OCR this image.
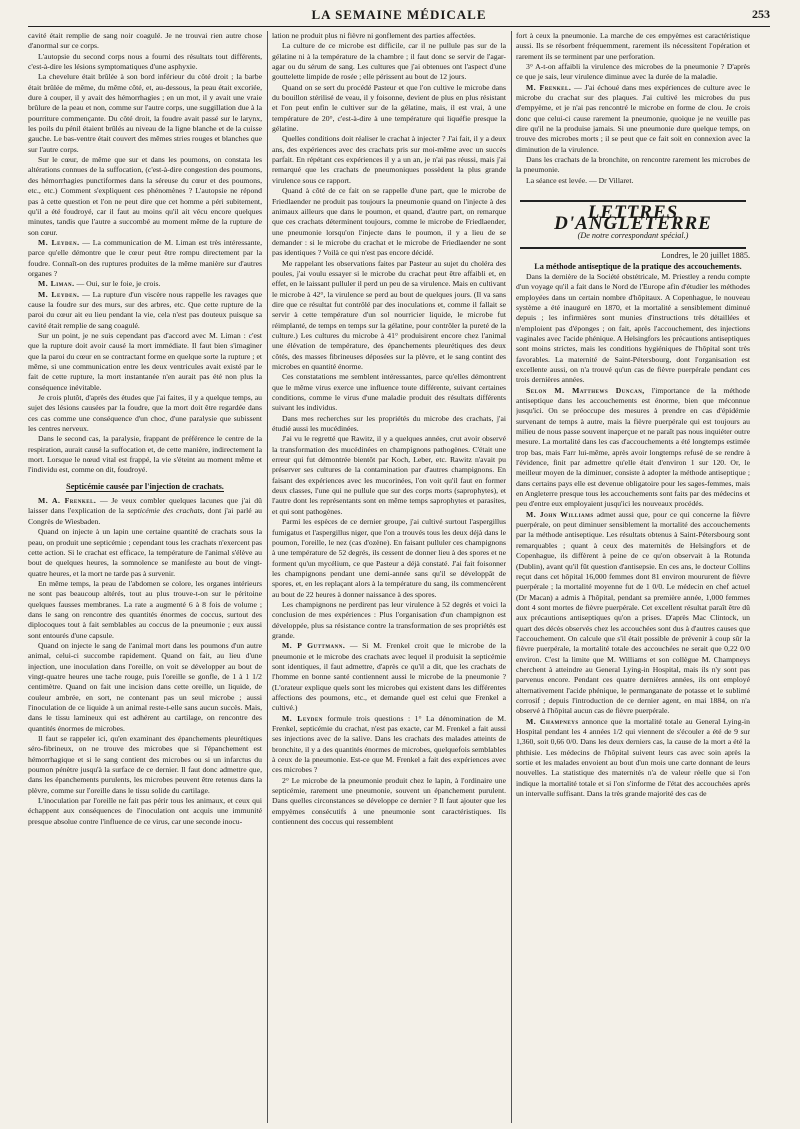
LA SEMAINE MÉDICALE	253

cavité était remplie de sang noir coagulé. Je ne trouvai rien autre chose d'anormal sur ce corps.

L'autopsie du second corps nous a fourni des résultats tout différents, c'est-à-dire les lésions symptomatiques d'une asphyxie.

La chevelure était brûlée à son bord inférieur du côté droit ; la barbe était brûlée de même, du même côté, et, au-dessous, la peau était excoriée, dure à couper, il y avait des hémorrhagies ; en un mot, il y avait une vraie brûlure de la peau et non, comme sur l'autre corps, une suggillation due à la pourriture commençante. Du côté droit, la foudre avait passé sur le larynx, les poils du pénil étaient brûlés au niveau de la ligne blanche et de la cuisse gauche. Le bas-ventre était couvert des mêmes stries rouges et blanches que sur l'autre corps.

Sur le cœur, de même que sur et dans les poumons, on constata les altérations connues de la suffocation, (c'est-à-dire congestion des poumons, des hémorrhagies punctiformes dans la séreuse du cœur et des poumons, etc., etc.) Comment s'expliquent ces phénomènes ? L'autopsie ne répond pas à cette question et l'on ne peut dire que cet homme a péri subitement, qu'il a été foudroyé, car il faut au moins qu'il ait vécu encore quelques minutes, tandis que l'autre a succombé au moment même de la rupture de son cœur.

M. Leyden. — La communication de M. Liman est très intéressante, parce qu'elle démontre que le cœur peut être rompu directement par la foudre. Connaît-on des ruptures produites de la même manière sur d'autres organes ?

M. Liman. — Oui, sur le foie, je crois.

M. Leyden. — La rupture d'un viscère nous rappelle les ravages que cause la foudre sur des murs, sur des arbres, etc. Que cette rupture de la paroi du cœur ait eu lieu pendant la vie, cela n'est pas douteux puisque sa cavité était remplie de sang coagulé.

Sur un point, je ne suis cependant pas d'accord avec M. Liman : c'est que la rupture doit avoir causé la mort immédiate. Il faut bien s'imaginer que la paroi du cœur en se contractant forme en quelque sorte la rupture ; et même, si une communication entre les deux ventricules avait existé par le fait de cette rupture, la mort instantanée n'en aurait pas été non plus la conséquence inévitable.

Je crois plutôt, d'après des études que j'ai faites, il y a quelque temps, au sujet des lésions causées par la foudre, que la mort doit être regardée dans ces cas comme une conséquence d'un choc, d'une paralysie que subissent les centres nerveux.

Dans le second cas, la paralysie, frappant de préférence le centre de la respiration, aurait causé la suffocation et, de cette manière, indirectement la mort. Lorsque le nœud vital est frappé, la vie s'éteint au moment même et l'individu est, comme on dit, foudroyé.

Septicémie causée par l'injection de crachats.

M. A. Frenkel. — Je veux combler quelques lacunes que j'ai dû laisser dans l'explication de la septicémie des crachats, dont j'ai parlé au Congrès de Wiesbaden.

Quand on injecte à un lapin une certaine quantité de crachats sous la peau, on produit une septicémie ; cependant tous les crachats n'exercent pas cette action. Si le crachat est efficace, la température de l'animal s'élève au bout de quelques heures, la somnolence se manifeste au bout de vingt-quatre heures, et la mort ne tarde pas à survenir.

En même temps, la peau de l'abdomen se colore, les organes intérieurs ne sont pas beaucoup altérés, tout au plus trouve-t-on sur le péritoine quelques fausses membranes. La rate a augmenté 6 à 8 fois de volume ; dans le sang on rencontre des quantités énormes de coccus, surtout des diplocoques tout à fait semblables au coccus de la pneumonie ; eux aussi sont entourés d'une capsule.

Quand on injecte le sang de l'animal mort dans les poumons d'un autre animal, celui-ci succombe rapidement. Quand on fait, au lieu d'une injection, une inoculation dans l'oreille, on voit se développer au bout de vingt-quatre heures une tache rouge, puis l'oreille se gonfle, de 1 à 1 1/2 centimètre. Quand on fait une incision dans cette oreille, un liquide, de couleur ambrée, en sort, ne contenant pas un seul microbe ; aussi l'inoculation de ce liquide à un animal reste-t-elle sans aucun succès. Mais, dans le tissu lamineux qui est adhérent au cartilage, on rencontre des quantités énormes de microbes.

Il faut se rappeler ici, qu'en examinant des épanchements pleurétiques séro-fibrineux, on ne trouve des microbes que si l'épanchement est hémorrhagique et si le sang contient des microbes ou si un infarctus du poumon pénètre jusqu'à la surface de ce dernier. Il faut donc admettre que, dans les épanchements purulents, les microbes peuvent être retenus dans la plèvre, comme sur l'oreille dans le tissu solide du cartilage.

L'inoculation par l'oreille ne fait pas périr tous les animaux, et ceux qui échappent aux conséquences de l'inoculation ont acquis une immunité presque absolue contre l'influence de ce virus, car une seconde inocu-

lation ne produit plus ni fièvre ni gonflement des parties affectées.

La culture de ce microbe est difficile, car il ne pullule pas sur de la gélatine ni à la température de la chambre ; il faut donc se servir de l'agar-agar ou du sérum de sang. Les cultures que j'ai obtenues ont l'aspect d'une gouttelette limpide de rosée ; elle périssent au bout de 12 jours.

Quand on se sert du procédé Pasteur et que l'on cultive le microbe dans du bouillon stérilisé de veau, il y foisonne, devient de plus en plus résistant et l'on peut enfin le cultiver sur de la gélatine, mais, il est vrai, à une température de 20°, c'est-à-dire à une température qui liquéfie presque la gélatine.

Quelles conditions doit réaliser le crachat à injecter ? J'ai fait, il y a deux ans, des expériences avec des crachats pris sur moi-même avec un succès parfait. En répétant ces expériences il y a un an, je n'ai pas réussi, mais j'ai remarqué que les crachats de pneumoniques possèdent la plus grande virulence sous ce rapport.

Quand à côté de ce fait on se rappelle d'une part, que le microbe de Friedlaender ne produit pas toujours la pneumonie quand on l'injecte à des animaux ailleurs que dans le poumon, et quand, d'autre part, on remarque que ces crachats déterminent toujours, comme le microbe de Friedlaender, une pneumonie lorsqu'on l'injecte dans le poumon, il y a lieu de se demander : si le microbe du crachat et le microbe de Friedlaender ne sont pas identiques ? Voilà ce qui n'est pas encore décidé.

Me rappelant les observations faites par Pasteur au sujet du choléra des poules, j'ai voulu essayer si le microbe du crachat peut être affaibli et, en effet, en le laissant pulluler il perd un peu de sa virulence. Mais en cultivant le microbe à 42°, la virulence se perd au bout de quelques jours. (Il va sans dire que ce résultat fut contrôlé par des inoculations et, comme il fallait se servir à cette température d'un sol nourricier liquide, le microbe fut réimplanté, de temps en temps sur la gélatine, pour contrôler la pureté de la culture.) Les cultures du microbe à 41° produisirent encore chez l'animal une élévation de température, des épanchements pleurétiques des deux côtés, des masses fibrineuses déposées sur la plèvre, et le sang contint des microbes en quantité énorme.

Ces constatations me semblent intéressantes, parce qu'elles démontrent que le même virus exerce une influence toute différente, suivant certaines conditions, comme le virus d'une maladie produit des résultats différents suivant les individus.

Dans mes recherches sur les propriétés du microbe des crachats, j'ai étudié aussi les mucédinées.

J'ai vu le regretté que Rawitz, il y a quelques années, crut avoir observé la transformation des mucédinées en champignons pathogènes. C'était une erreur qui fut démontrée bientôt par Koch, Leber, etc. Rawitz n'avait pu préserver ses cultures de la contamination par d'autres champignons. En faisant des expériences avec les mucorinées, l'on voit qu'il faut en former deux classes, l'une qui ne pullule que sur des corps morts (saprophytes), et l'autre dont les représentants sont en même temps saprophytes et parasites, et qui sont pathogènes.

Parmi les espèces de ce dernier groupe, j'ai cultivé surtout l'aspergillus fumigatus et l'aspergillus niger, que l'on a trouvés tous les deux déjà dans le poumon, l'oreille, le nez (cas d'ozène). En faisant pulluler ces champignons à une température de 52 degrés, ils cessent de donner lieu à des spores et ne forment qu'un mycélium, ce que Pasteur a déjà constaté. J'ai fait foisonner les champignons pendant une demi-année sans qu'il se développât de spores, et, en les replaçant alors à la température du sang, ils commencèrent au bout de 22 heures à donner naissance à des spores.

Les champignons ne perdirent pas leur virulence à 52 degrés et voici la conclusion de mes expériences : Plus l'organisation d'un champignon est développée, plus sa résistance contre la transformation de ses propriétés est grande.

M. P Guttmann. — Si M. Frenkel croit que le microbe de la pneumonie et le microbe des crachats avec lequel il produisit la septicémie sont identiques, il faut admettre, d'après ce qu'il a dit, que les crachats de l'homme en bonne santé contiennent aussi le microbe de la pneumonie ? (L'orateur explique quels sont les microbes qui existent dans les différentes affections des poumons, etc., et demande quel est celui que Frenkel a cultivé.)

M. Leyden formule trois questions : 1° La dénomination de M. Frenkel, septicémie du crachat, n'est pas exacte, car M. Frenkel a fait aussi ses injections avec de la salive. Dans les crachats des malades atteints de bronchite, il y a des quantités énormes de microbes, quelquefois semblables à ceux de la pneumonie. Est-ce que M. Frenkel a fait des expériences avec ces microbes ?

2° Le microbe de la pneumonie produit chez le lapin, à l'ordinaire une septicémie, rarement une pneumonie, souvent un épanchement purulent. Dans quelles circonstances se développe ce dernier ? Il faut ajouter que les empyèmes consécutifs à une pneumonie sont caractéristiques. Ils contiennent des coccus qui ressemblent

fort à ceux la pneumonie. La marche de ces empyèmes est caractéristique aussi. Ils se résorbent fréquemment, rarement ils nécessitent l'opération et rarement ils se terminent par une perforation.

3° A-t-on affaibli la virulence des microbes de la pneumonie ? D'après ce que je sais, leur virulence diminue avec la durée de la maladie.

M. Frenkel. — J'ai échoué dans mes expériences de culture avec le microbe du crachat sur des plaques. J'ai cultivé les microbes du pus d'empyème, et je n'ai pas rencontré le microbe en forme de clou. Je crois donc que celui-ci cause rarement la pneumonie, quoique je ne veuille pas dire qu'il ne la produise jamais. Si une pneumonie dure quelque temps, on trouve des microbes morts ; il se peut que ce fait soit en connexion avec la diminution de la virulence.

Dans les crachats de la bronchite, on rencontre rarement les microbes de la pneumonie.

La séance est levée. — Dr Villaret.

LETTRES D'ANGLETERRE
(De notre correspondant spécial.)

Londres, le 20 juillet 1885.

La méthode antiseptique de la pratique des accouchements.

Dans la dernière de la Société obstétricale, M. Priestley a rendu compte d'un voyage qu'il a fait dans le Nord de l'Europe afin d'étudier les méthodes employées dans un certain nombre d'hôpitaux. A Copenhague, le nouveau système a été inauguré en 1870, et la mortalité a sensiblement diminué depuis ; les infirmières sont munies d'instructions très détaillées et n'emploient pas d'éponges ; on fait, après l'accouchement, des injections vaginales avec l'acide phénique. A Helsingfors les précautions antiseptiques sont moins strictes, mais les conditions hygiéniques de l'hôpital sont très favorables. La maternité de Saint-Pétersbourg, dont l'organisation est excellente aussi, on n'a trouvé qu'un cas de fièvre puerpérale pendant ces trois dernières années.

Selon M. Matthews Duncan, l'importance de la méthode antiseptique dans les accouchements est énorme, bien que méconnue jusqu'ici. On se préoccupe des mesures à prendre en cas d'épidémie survenant de temps à autre, mais la fièvre puerpérale qui est toujours au milieu de nous passe souvent inaperçue et ne paraît pas nous inquiéter outre mesure. La mortalité dans les cas d'accouchements a été longtemps estimée trop bas, mais Farr lui-même, après avoir longtemps refusé de se rendre à l'évidence, finit par admettre qu'elle était d'environ 1 sur 120. Or, le meilleur moyen de la diminuer, consiste à adopter la méthode antiseptique ; dans certains pays elle est devenue obligatoire pour les sages-femmes, mais en Angleterre presque tous les accouchements sont faits par des médecins et peu d'entre eux employaient jusqu'ici les nouveaux procédés.

M. John Williams admet aussi que, pour ce qui concerne la fièvre puerpérale, on peut diminuer sensiblement la mortalité des accouchements par la méthode antiseptique. Les résultats obtenus à Saint-Pétersbourg sont remarquables ; quant à ceux des maternités de Helsingfors et de Copenhague, ils diffèrent à peine de ce qu'on observait à la Rotunda (Dublin), avant qu'il fût question d'antisepsie. En ces ans, le docteur Collins reçut dans cet hôpital 16,000 femmes dont 81 environ moururent de fièvre puerpérale ; la mortalité moyenne fut de 1 0/0. Le médecin en chef actuel (Dr Macan) a admis à l'hôpital, pendant sa première année, 1,000 femmes dont 4 sont mortes de fièvre puerpérale. Cet excellent résultat paraît être dû aux précautions antiseptiques qu'on a prises. D'après Mac Clintock, un quart des décès observés chez les accouchées sont dus à d'autres causes que l'accouchement. On calcule que s'il était possible de prévenir à coup sûr la fièvre puerpérale, la mortalité totale des accouchées ne serait que 0,22 0/0 environ. C'est la limite que M. Williams et son collègue M. Champneys cherchent à atteindre au General Lying-in Hospital, mais ils n'y sont pas parvenus encore. Pendant ces quatre dernières années, ils ont employé alternativement l'acide phénique, le permanganate de potasse et le sublimé corrosif ; depuis l'introduction de ce dernier agent, en mai 1884, on n'a observé à l'hôpital aucun cas de fièvre puerpérale.

M. Champneys annonce que la mortalité totale au General Lying-in Hospital pendant les 4 années 1/2 qui viennent de s'écouler a été de 9 sur 1,360, soit 0,66 0/0. Dans les deux derniers cas, la cause de la mort a été la phthisie. Les médecins de l'hôpital suivent leurs cas avec soin après la sortie et les malades envoient au bout d'un mois une carte donnant de leurs nouvelles. La statistique des maternités n'a de valeur réelle que si l'on indique la mortalité totale et si l'on s'informe de l'état des accouchées après un intervalle suffisant. Dans la très grande majorité des cas de
